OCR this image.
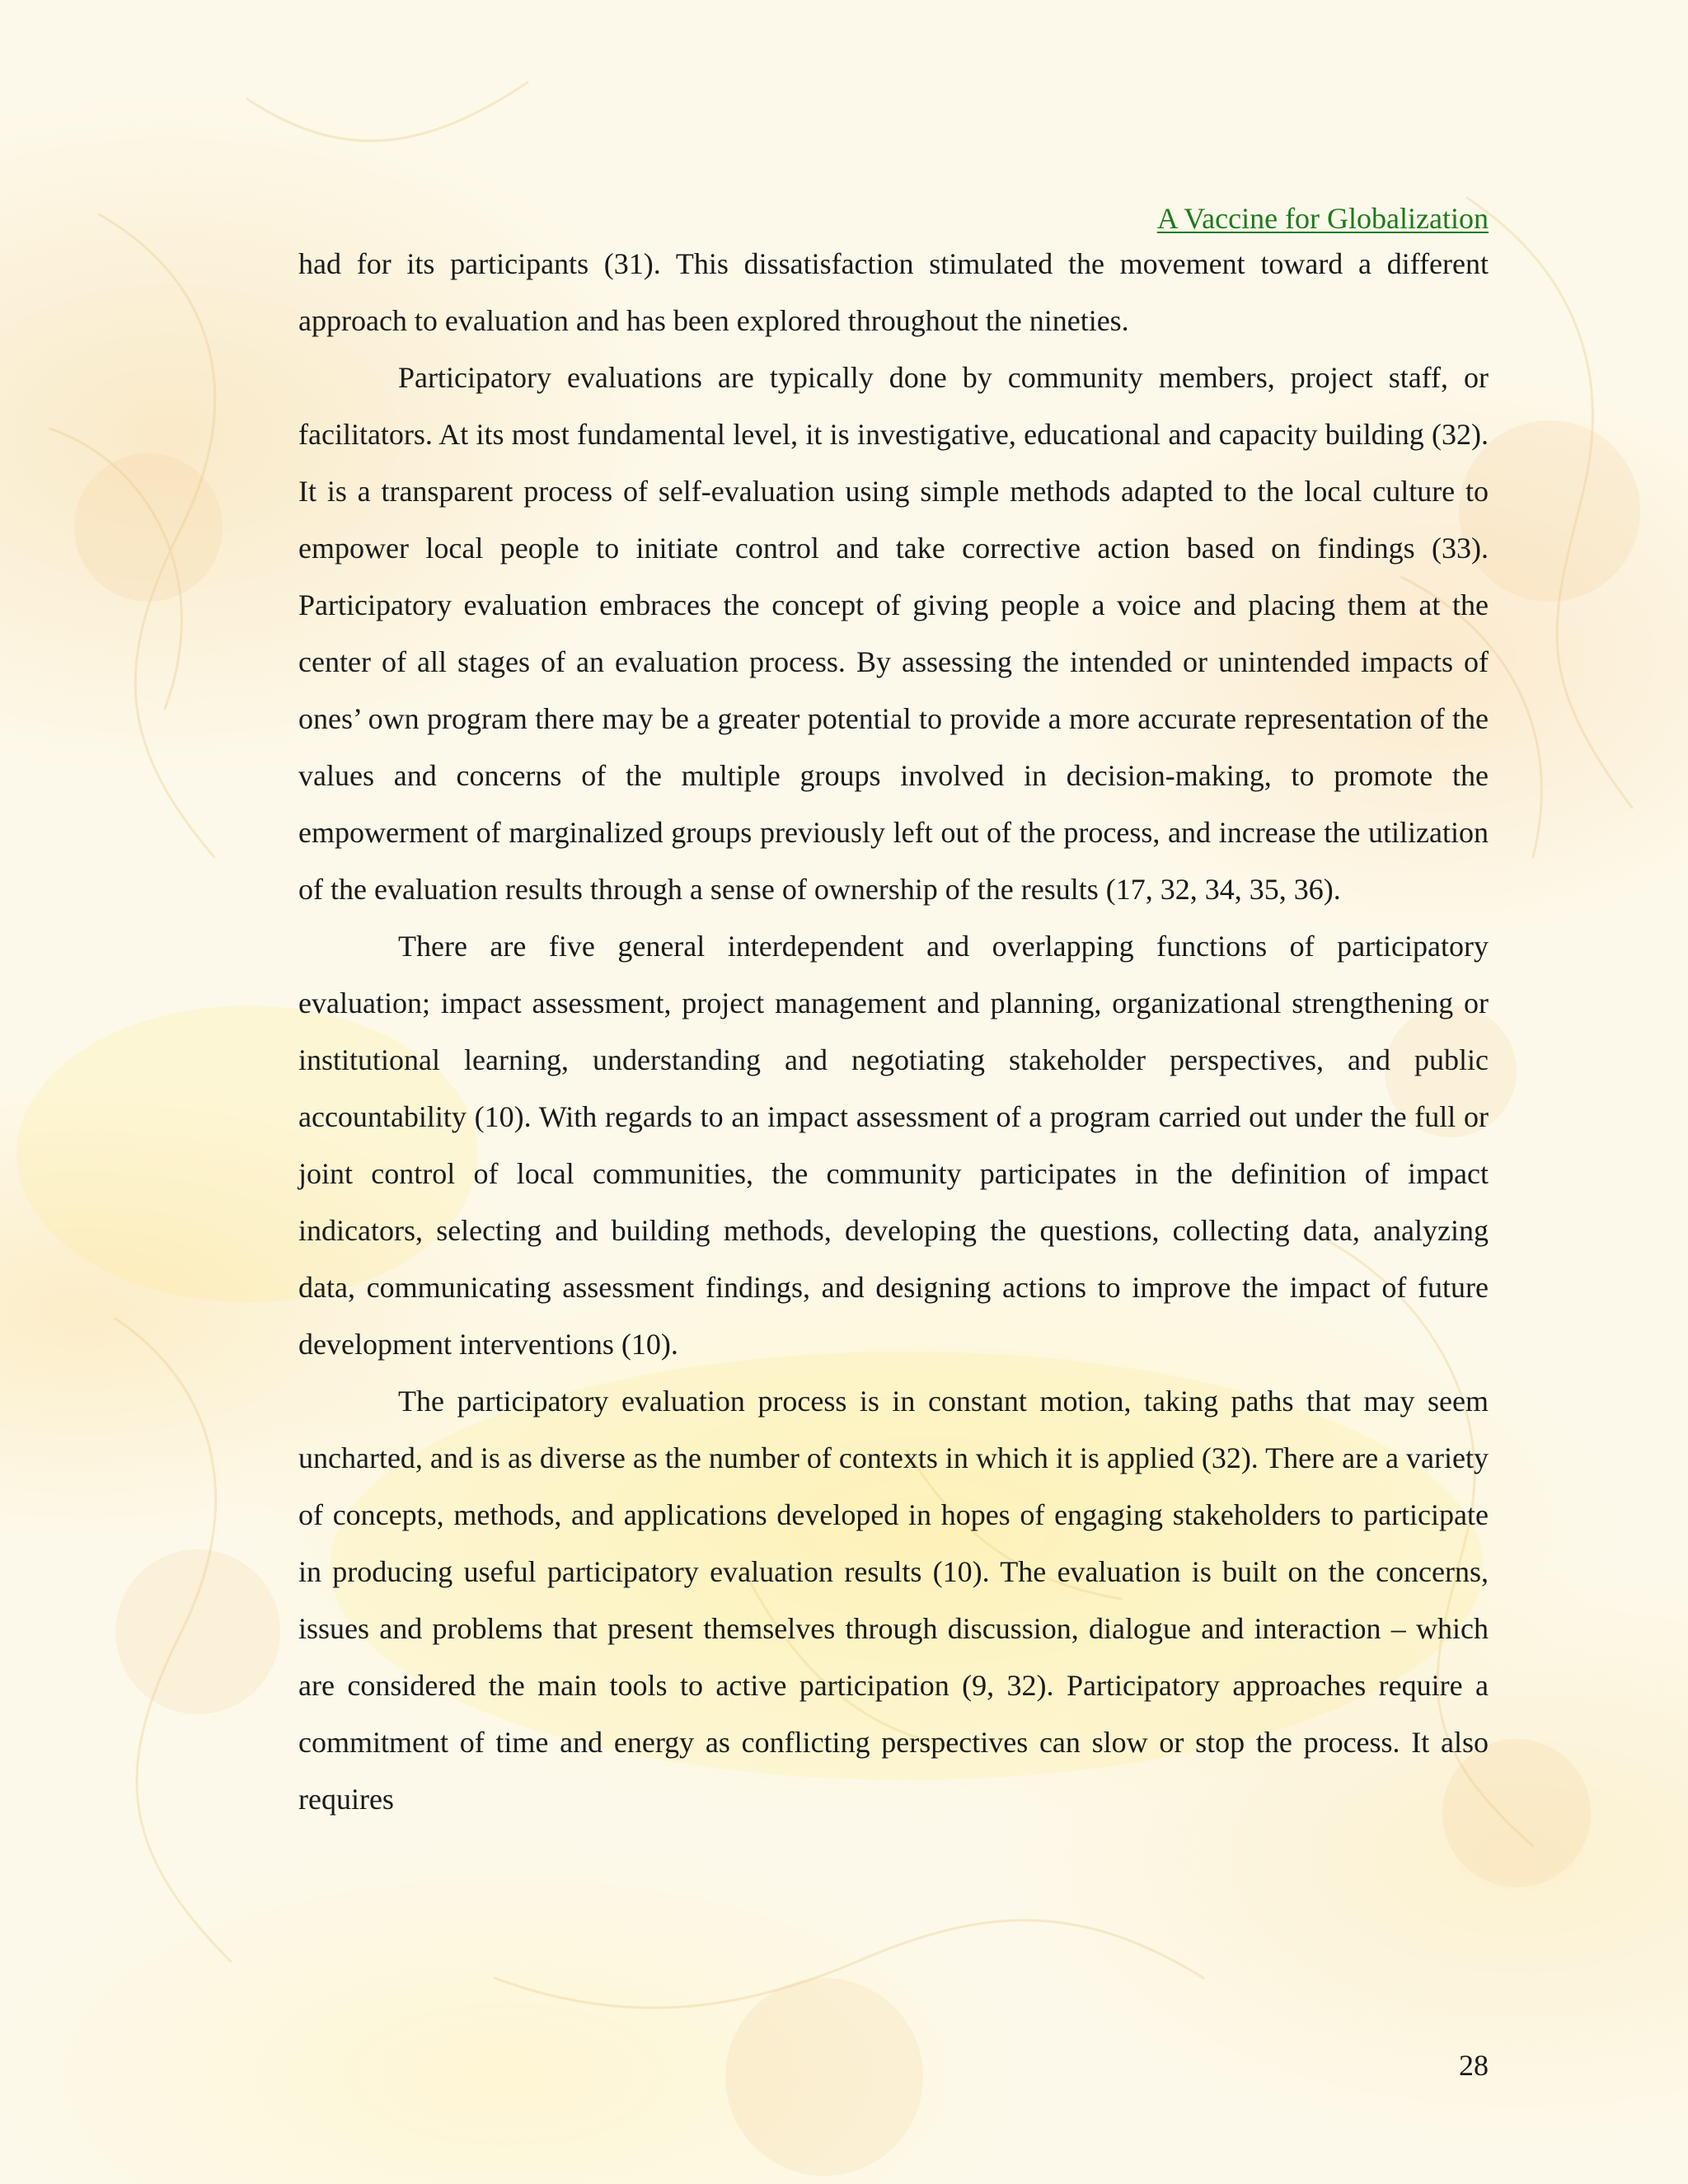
A Vaccine for Globalization

had for its participants (31). This dissatisfaction stimulated the movement toward a different approach to evaluation and has been explored throughout the nineties.

Participatory evaluations are typically done by community members, project staff, or facilitators. At its most fundamental level, it is investigative, educational and capacity building (32). It is a transparent process of self-evaluation using simple methods adapted to the local culture to empower local people to initiate control and take corrective action based on findings (33). Participatory evaluation embraces the concept of giving people a voice and placing them at the center of all stages of an evaluation process. By assessing the intended or unintended impacts of ones’ own program there may be a greater potential to provide a more accurate representation of the values and concerns of the multiple groups involved in decision-making, to promote the empowerment of marginalized groups previously left out of the process, and increase the utilization of the evaluation results through a sense of ownership of the results (17, 32, 34, 35, 36).

There are five general interdependent and overlapping functions of participatory evaluation; impact assessment, project management and planning, organizational strengthening or institutional learning, understanding and negotiating stakeholder perspectives, and public accountability (10). With regards to an impact assessment of a program carried out under the full or joint control of local communities, the community participates in the definition of impact indicators, selecting and building methods, developing the questions, collecting data, analyzing data, communicating assessment findings, and designing actions to improve the impact of future development interventions (10).

The participatory evaluation process is in constant motion, taking paths that may seem uncharted, and is as diverse as the number of contexts in which it is applied (32). There are a variety of concepts, methods, and applications developed in hopes of engaging stakeholders to participate in producing useful participatory evaluation results (10). The evaluation is built on the concerns, issues and problems that present themselves through discussion, dialogue and interaction – which are considered the main tools to active participation (9, 32). Participatory approaches require a commitment of time and energy as conflicting perspectives can slow or stop the process. It also requires

28
